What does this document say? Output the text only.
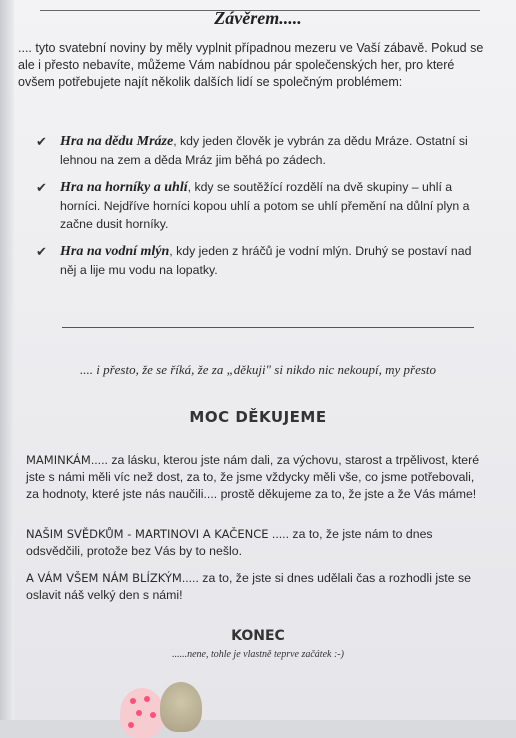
Závěrem.....
.... tyto svatební noviny by měly vyplnit případnou mezeru ve Vaší zábavě. Pokud se ale i přesto nebavíte, můžeme Vám nabídnou pár společenských her, pro které ovšem potřebujete najít několik dalších lidí se společným problémem:
✔ Hra na dědu Mráze, kdy jeden člověk je vybrán za dědu Mráze. Ostatní si lehnou na zem a děda Mráz jim běhá po zádech.
✔ Hra na horníky a uhlí, kdy se soutěžící rozdělí na dvě skupiny – uhlí a horníci. Nejdříve horníci kopou uhlí a potom se uhlí přemění na důlní plyn a začne dusit horníky.
✔ Hra na vodní mlýn, kdy jeden z hráčů je vodní mlýn. Druhý se postaví nad něj a lije mu vodu na lopatky.
.... i přesto, že se říká, že za „děkuji" si nikdo nic nekoupí, my přesto
MOC DĚKUJEME
MAMINKÁM..... za lásku, kterou jste nám dali, za výchovu, starost a trpělivost, které jste s námi měli víc než dost, za to, že jsme vždycky měli vše, co jsme potřebovali, za hodnoty, které jste nás naučili.... prostě děkujeme za to, že jste a že Vás máme!
NAŠIM SVĚDKŮM - MARTINOVI A KAČENCE ..... za to, že jste nám to dnes odsvědčili, protože bez Vás by to nešlo.
A VÁM VŠEM NÁM BLÍZKÝM..... za to, že jste si dnes udělali čas a rozhodli jste se oslavit náš velký den s námi!
KONEC
......nene, tohle je vlastně teprve začátek :-)
